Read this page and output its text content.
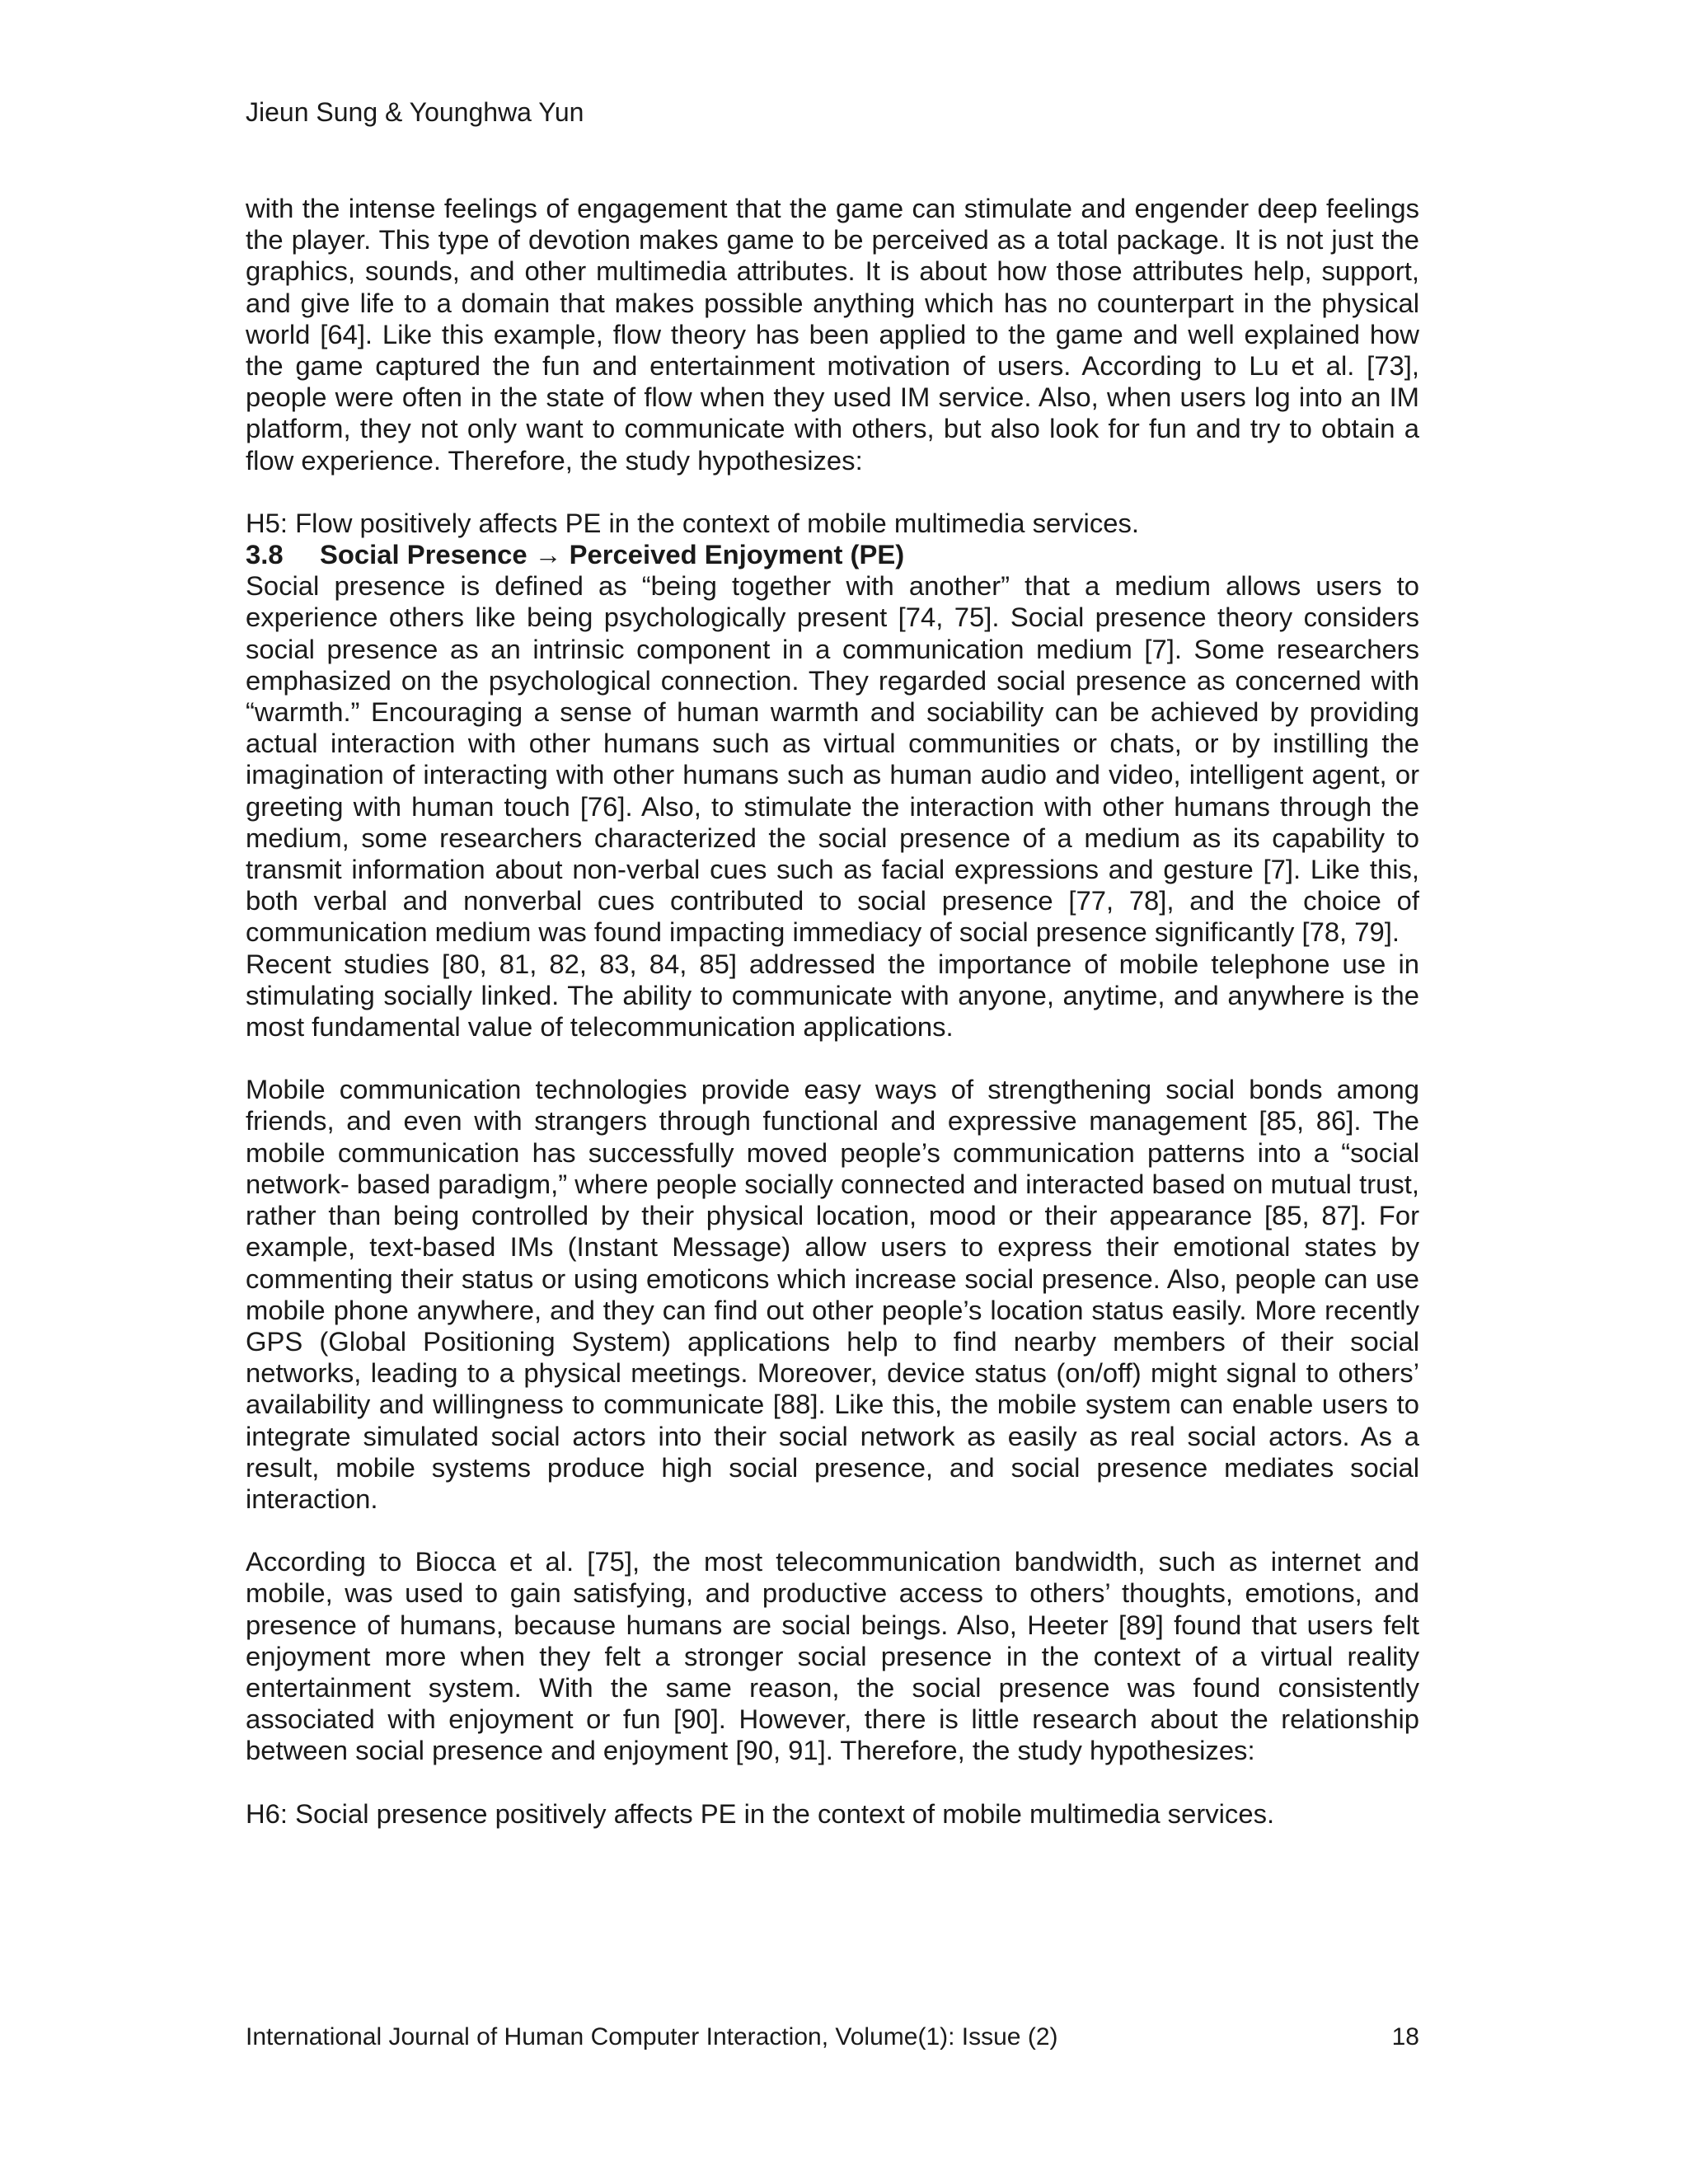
Jieun Sung & Younghwa Yun

with the intense feelings of engagement that the game can stimulate and engender deep feelings the player. This type of devotion makes game to be perceived as a total package. It is not just the graphics, sounds, and other multimedia attributes. It is about how those attributes help, support, and give life to a domain that makes possible anything which has no counterpart in the physical world [64]. Like this example, flow theory has been applied to the game and well explained how the game captured the fun and entertainment motivation of users. According to Lu et al. [73], people were often in the state of flow when they used IM service. Also, when users log into an IM platform, they not only want to communicate with others, but also look for fun and try to obtain a flow experience. Therefore, the study hypothesizes:

H5: Flow positively affects PE in the context of mobile multimedia services.

3.8 Social Presence → Perceived Enjoyment (PE)

Social presence is defined as “being together with another” that a medium allows users to experience others like being psychologically present [74, 75]. Social presence theory considers social presence as an intrinsic component in a communication medium [7]. Some researchers emphasized on the psychological connection. They regarded social presence as concerned with “warmth.” Encouraging a sense of human warmth and sociability can be achieved by providing actual interaction with other humans such as virtual communities or chats, or by instilling the imagination of interacting with other humans such as human audio and video, intelligent agent, or greeting with human touch [76]. Also, to stimulate the interaction with other humans through the medium, some researchers characterized the social presence of a medium as its capability to transmit information about non-verbal cues such as facial expressions and gesture [7]. Like this, both verbal and nonverbal cues contributed to social presence [77, 78], and the choice of communication medium was found impacting immediacy of social presence significantly [78, 79].

Recent studies [80, 81, 82, 83, 84, 85] addressed the importance of mobile telephone use in stimulating socially linked. The ability to communicate with anyone, anytime, and anywhere is the most fundamental value of telecommunication applications.

Mobile communication technologies provide easy ways of strengthening social bonds among friends, and even with strangers through functional and expressive management [85, 86]. The mobile communication has successfully moved people’s communication patterns into a “social network- based paradigm,” where people socially connected and interacted based on mutual trust, rather than being controlled by their physical location, mood or their appearance [85, 87]. For example, text-based IMs (Instant Message) allow users to express their emotional states by commenting their status or using emoticons which increase social presence. Also, people can use mobile phone anywhere, and they can find out other people’s location status easily. More recently GPS (Global Positioning System) applications help to find nearby members of their social networks, leading to a physical meetings. Moreover, device status (on/off) might signal to others’ availability and willingness to communicate [88]. Like this, the mobile system can enable users to integrate simulated social actors into their social network as easily as real social actors. As a result, mobile systems produce high social presence, and social presence mediates social interaction.

According to Biocca et al. [75], the most telecommunication bandwidth, such as internet and mobile, was used to gain satisfying, and productive access to others’ thoughts, emotions, and presence of humans, because humans are social beings. Also, Heeter [89] found that users felt enjoyment more when they felt a stronger social presence in the context of a virtual reality entertainment system. With the same reason, the social presence was found consistently associated with enjoyment or fun [90]. However, there is little research about the relationship between social presence and enjoyment [90, 91]. Therefore, the study hypothesizes:

H6: Social presence positively affects PE in the context of mobile multimedia services.

International Journal of Human Computer Interaction, Volume(1): Issue (2)	18
